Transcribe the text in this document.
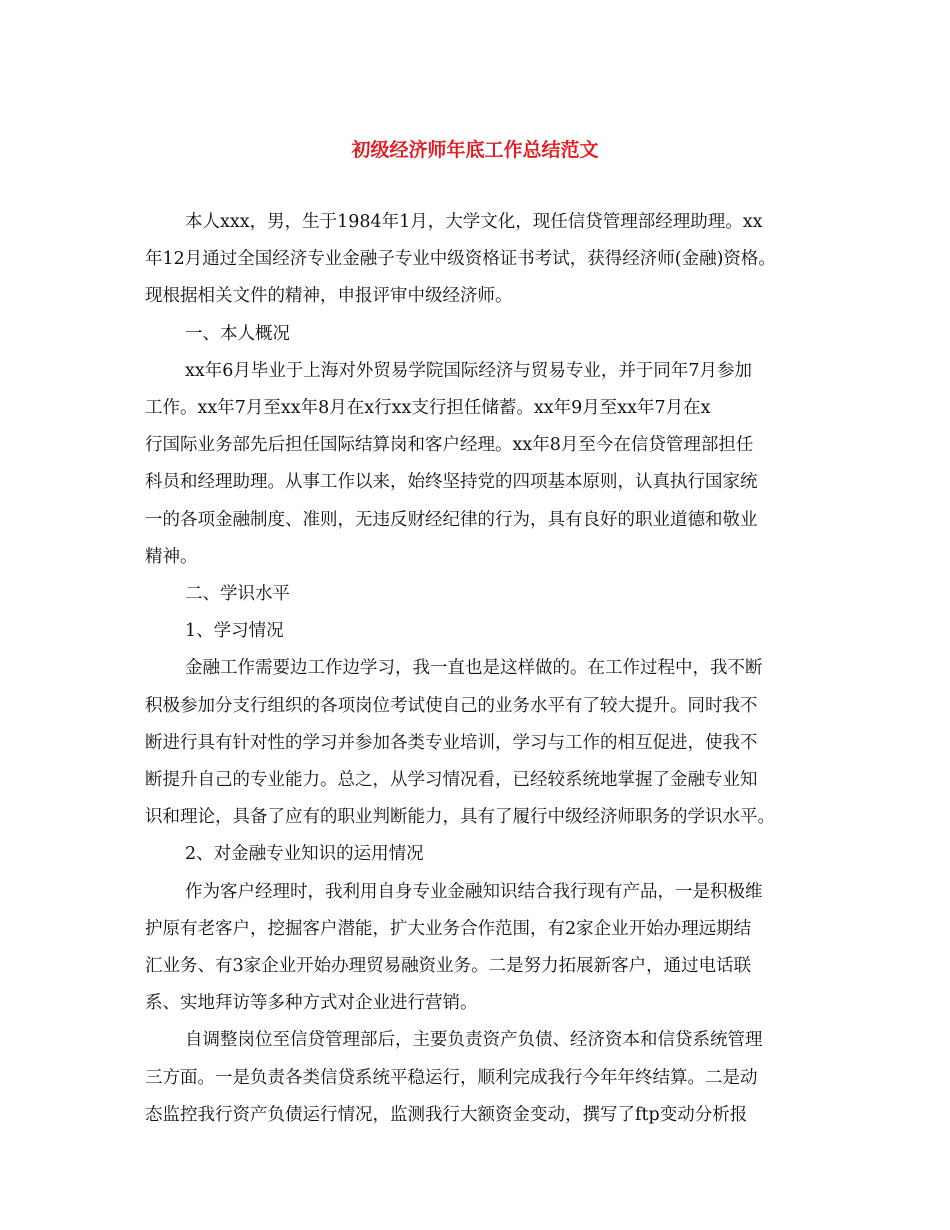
初级经济师年底工作总结范文
本人xxx，男，生于1984年1月，大学文化，现任信贷管理部经理助理。xx
年12月通过全国经济专业金融子专业中级资格证书考试，获得经济师(金融)资格。
现根据相关文件的精神，申报评审中级经济师。
一、本人概况
xx年6月毕业于上海对外贸易学院国际经济与贸易专业，并于同年7月参加
工作。xx年7月至xx年8月在x行xx支行担任储蓄。xx年9月至xx年7月在x
行国际业务部先后担任国际结算岗和客户经理。xx年8月至今在信贷管理部担任
科员和经理助理。从事工作以来，始终坚持党的四项基本原则，认真执行国家统
一的各项金融制度、准则，无违反财经纪律的行为，具有良好的职业道德和敬业
精神。
二、学识水平
1、学习情况
金融工作需要边工作边学习，我一直也是这样做的。在工作过程中，我不断
积极参加分支行组织的各项岗位考试使自己的业务水平有了较大提升。同时我不
断进行具有针对性的学习并参加各类专业培训，学习与工作的相互促进，使我不
断提升自己的专业能力。总之，从学习情况看，已经较系统地掌握了金融专业知
识和理论，具备了应有的职业判断能力，具有了履行中级经济师职务的学识水平。
2、对金融专业知识的运用情况
作为客户经理时，我利用自身专业金融知识结合我行现有产品，一是积极维
护原有老客户，挖掘客户潜能，扩大业务合作范围，有2家企业开始办理远期结
汇业务、有3家企业开始办理贸易融资业务。二是努力拓展新客户，通过电话联
系、实地拜访等多种方式对企业进行营销。
自调整岗位至信贷管理部后，主要负责资产负债、经济资本和信贷系统管理
三方面。一是负责各类信贷系统平稳运行，顺利完成我行今年年终结算。二是动
态监控我行资产负债运行情况，监测我行大额资金变动，撰写了ftp变动分析报
